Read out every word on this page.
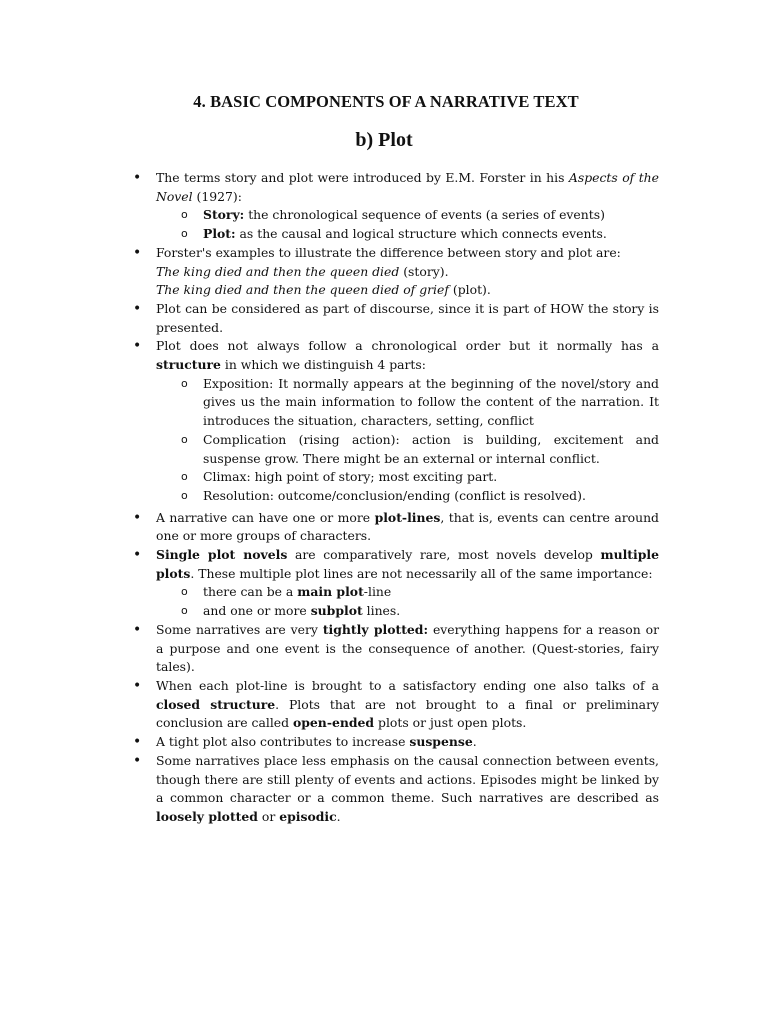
4. BASIC COMPONENTS OF A NARRATIVE TEXT
b) Plot
• The terms story and plot were introduced by E.M. Forster in his Aspects of the Novel (1927):
o Story: the chronological sequence of events (a series of events)
o Plot: as the causal and logical structure which connects events.
• Forster's examples to illustrate the difference between story and plot are:
The king died and then the queen died (story).
The king died and then the queen died of grief (plot).
• Plot can be considered as part of discourse, since it is part of HOW the story is presented.
• Plot does not always follow a chronological order but it normally has a structure in which we distinguish 4 parts:
o Exposition: It normally appears at the beginning of the novel/story and gives us the main information to follow the content of the narration. It introduces the situation, characters, setting, conflict
o Complication (rising action): action is building, excitement and suspense grow. There might be an external or internal conflict.
o Climax: high point of story; most exciting part.
o Resolution: outcome/conclusion/ending (conflict is resolved).
• A narrative can have one or more plot-lines, that is, events can centre around one or more groups of characters.
• Single plot novels are comparatively rare, most novels develop multiple plots. These multiple plot lines are not necessarily all of the same importance:
o there can be a main plot-line
o and one or more subplot lines.
• Some narratives are very tightly plotted: everything happens for a reason or a purpose and one event is the consequence of another. (Quest-stories, fairy tales).
• When each plot-line is brought to a satisfactory ending one also talks of a closed structure. Plots that are not brought to a final or preliminary conclusion are called open-ended plots or just open plots.
• A tight plot also contributes to increase suspense.
• Some narratives place less emphasis on the causal connection between events, though there are still plenty of events and actions. Episodes might be linked by a common character or a common theme. Such narratives are described as loosely plotted or episodic.
